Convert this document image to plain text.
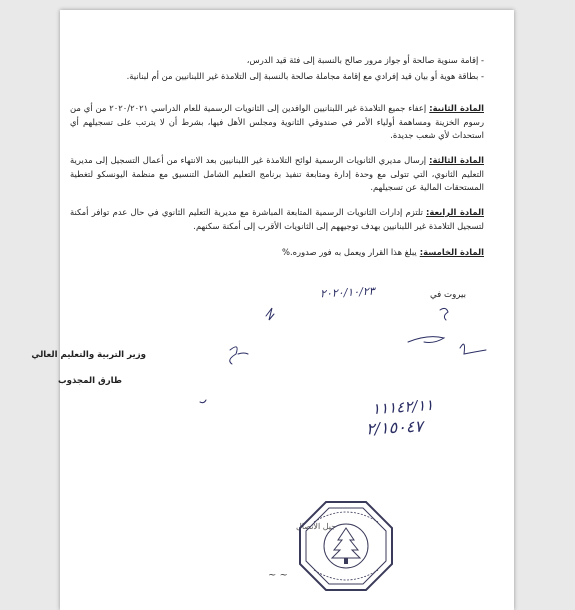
- إقامة سنوية صالحة أو جواز مرور صالح بالنسبة إلى فئة قيد الدرس،
- بطاقة هوية أو بيان قيد إفرادي مع إقامة مجاملة صالحة بالنسبة إلى التلامذة غير اللبنانيين من أم لبنانية.
المادة الثانية:إعفاء جميع التلامذة غير اللبنانيين الوافدين إلى الثانويات الرسمية للعام الدراسي ٢٠٢٠/٢٠٢١ من أي من رسوم الخزينة ومساهمة أولياء الأمر في صندوقي الثانوية ومجلس الأهل فيها، بشرط أن لا يترتب على تسجيلهم أي استحداث لأي شعب جديدة.
المادة الثالثة:إرسال مديري الثانويات الرسمية لوائح التلامذة غير اللبنانيين بعد الانتهاء من أعمال التسجيل إلى مديرية التعليم الثانوي، التي تتولى مع وحدة إدارة ومتابعة تنفيذ برنامج التعليم الشامل التنسيق مع منظمة اليونسكو لتغطية المستحقات المالية عن تسجيلهم.
المادة الرابعة:تلتزم إدارات الثانويات الرسمية المتابعة المباشرة مع مديرية التعليم الثانوي في حال عدم توافر أمكنة لتسجيل التلامذة غير اللبنانيين بهدف توجيههم إلى الثانويات الأقرب إلى أمكنة سكنهم.
المادة الخامسة:يبلغ هذا القرار ويعمل به فور صدوره.%
بيروت في
٢٠٢٠/١٠/٢٣
وزير التربية والتعليم العالي
طارق المجذوب
١١١٤٢/١١
٢/١٥٠٤٧
جيل الاتصال
~ ~
